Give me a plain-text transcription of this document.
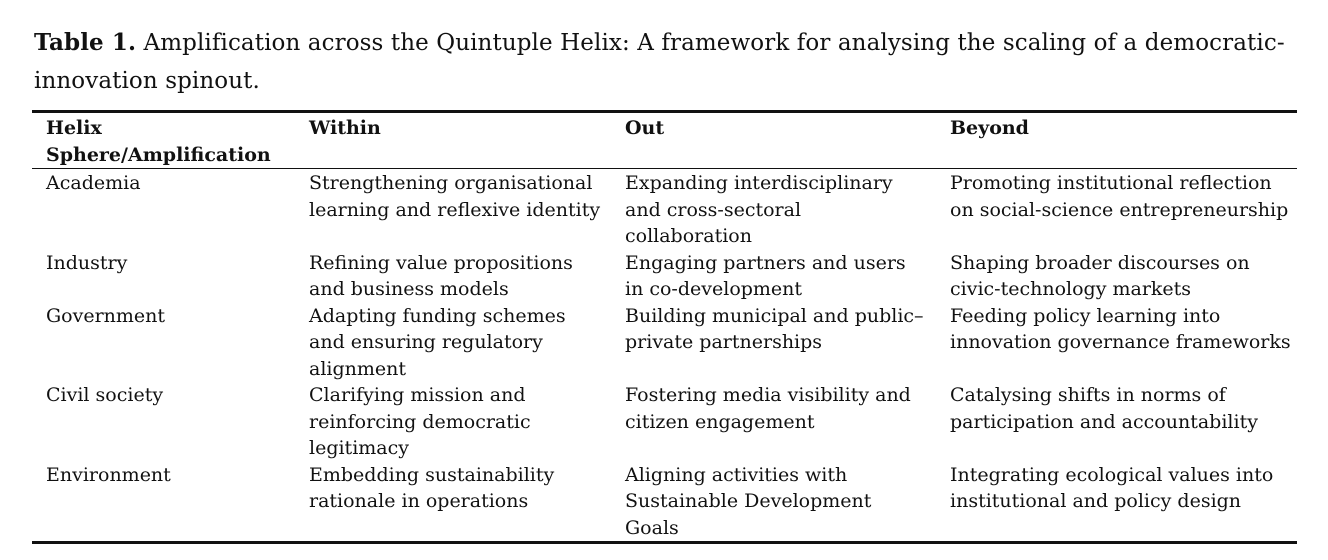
Table 1. Amplification across the Quintuple Helix: A framework for analysing the scaling of a democratic-innovation spinout.
Helix Sphere/Amplification	Within	Out	Beyond
Academia	Strengthening organisational learning and reflexive identity	Expanding interdisciplinary and cross-sectoral collaboration	Promoting institutional reflection on social-science entrepreneurship
Industry	Refining value propositions and business models	Engaging partners and users in co-development	Shaping broader discourses on civic-technology markets
Government	Adapting funding schemes and ensuring regulatory alignment	Building municipal and public–private partnerships	Feeding policy learning into innovation governance frameworks
Civil society	Clarifying mission and reinforcing democratic legitimacy	Fostering media visibility and citizen engagement	Catalysing shifts in norms of participation and accountability
Environment	Embedding sustainability rationale in operations	Aligning activities with Sustainable Development Goals	Integrating ecological values into institutional and policy design
